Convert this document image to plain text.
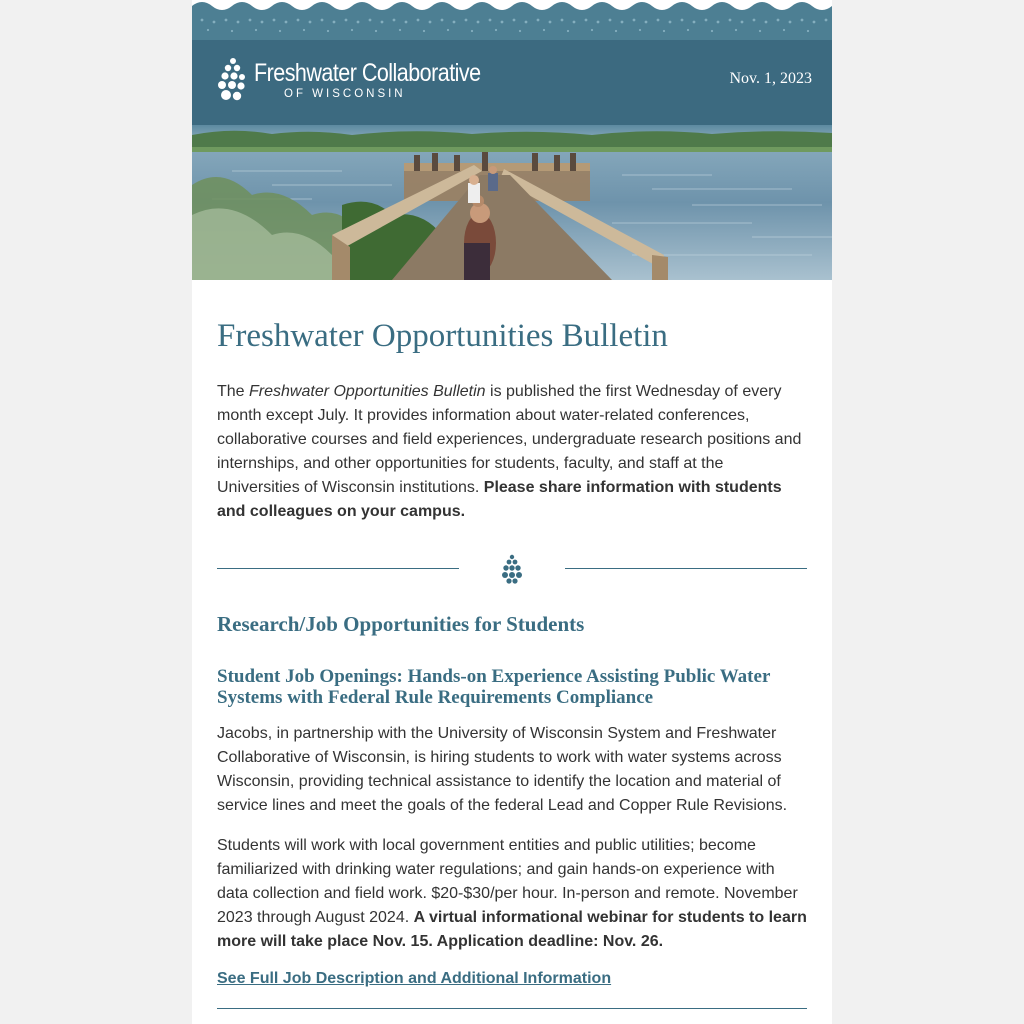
Freshwater Collaborative
OF WISCONSIN
Nov. 1, 2023
Freshwater Opportunities Bulletin

The Freshwater Opportunities Bulletin is published the first Wednesday of every month except July. It provides information about water-related conferences, collaborative courses and field experiences, undergraduate research positions and internships, and other opportunities for students, faculty, and staff at the Universities of Wisconsin institutions. Please share information with students and colleagues on your campus.

Research/Job Opportunities for Students
Student Job Openings: Hands-on Experience Assisting Public Water Systems with Federal Rule Requirements Compliance

Jacobs, in partnership with the University of Wisconsin System and Freshwater Collaborative of Wisconsin, is hiring students to work with water systems across Wisconsin, providing technical assistance to identify the location and material of service lines and meet the goals of the federal Lead and Copper Rule Revisions.

Students will work with local government entities and public utilities; become familiarized with drinking water regulations; and gain hands-on experience with data collection and field work. $20-$30/per hour. In-person and remote. November 2023 through August 2024. A virtual informational webinar for students to learn more will take place Nov. 15. Application deadline: Nov. 26.

See Full Job Description and Additional Information
